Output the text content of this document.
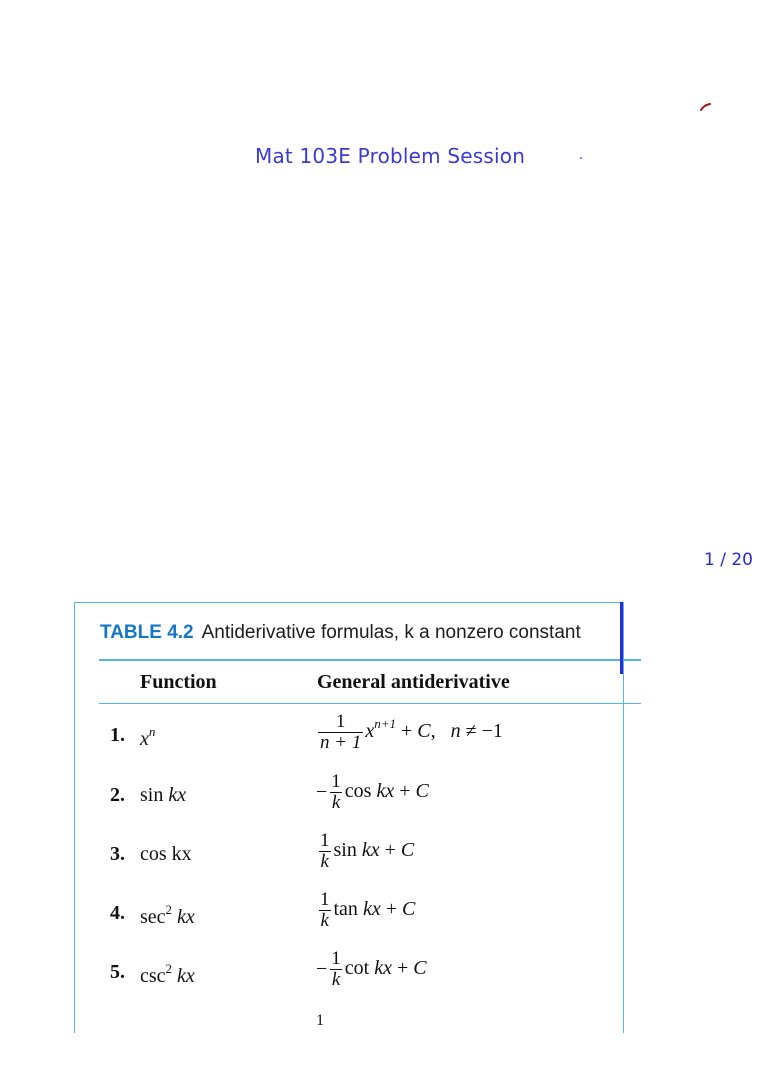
Mat 103E Problem Session
1 / 20
TABLE 4.2 Antiderivative formulas, k a nonzero constant
Function	General antiderivative
1. $x^n$	$\frac{1}{n + 1} x^{n+1} + C$,   n ≠ −1
2. sin kx	− $\frac{1}{k}$ cos kx + C
3. cos kx	$\frac{1}{k}$ sin kx + C
4. $\sec^2$ kx	$\frac{1}{k}$ tan kx + C
5. $\csc^2$ kx	− $\frac{1}{k}$ cot kx + C
1
